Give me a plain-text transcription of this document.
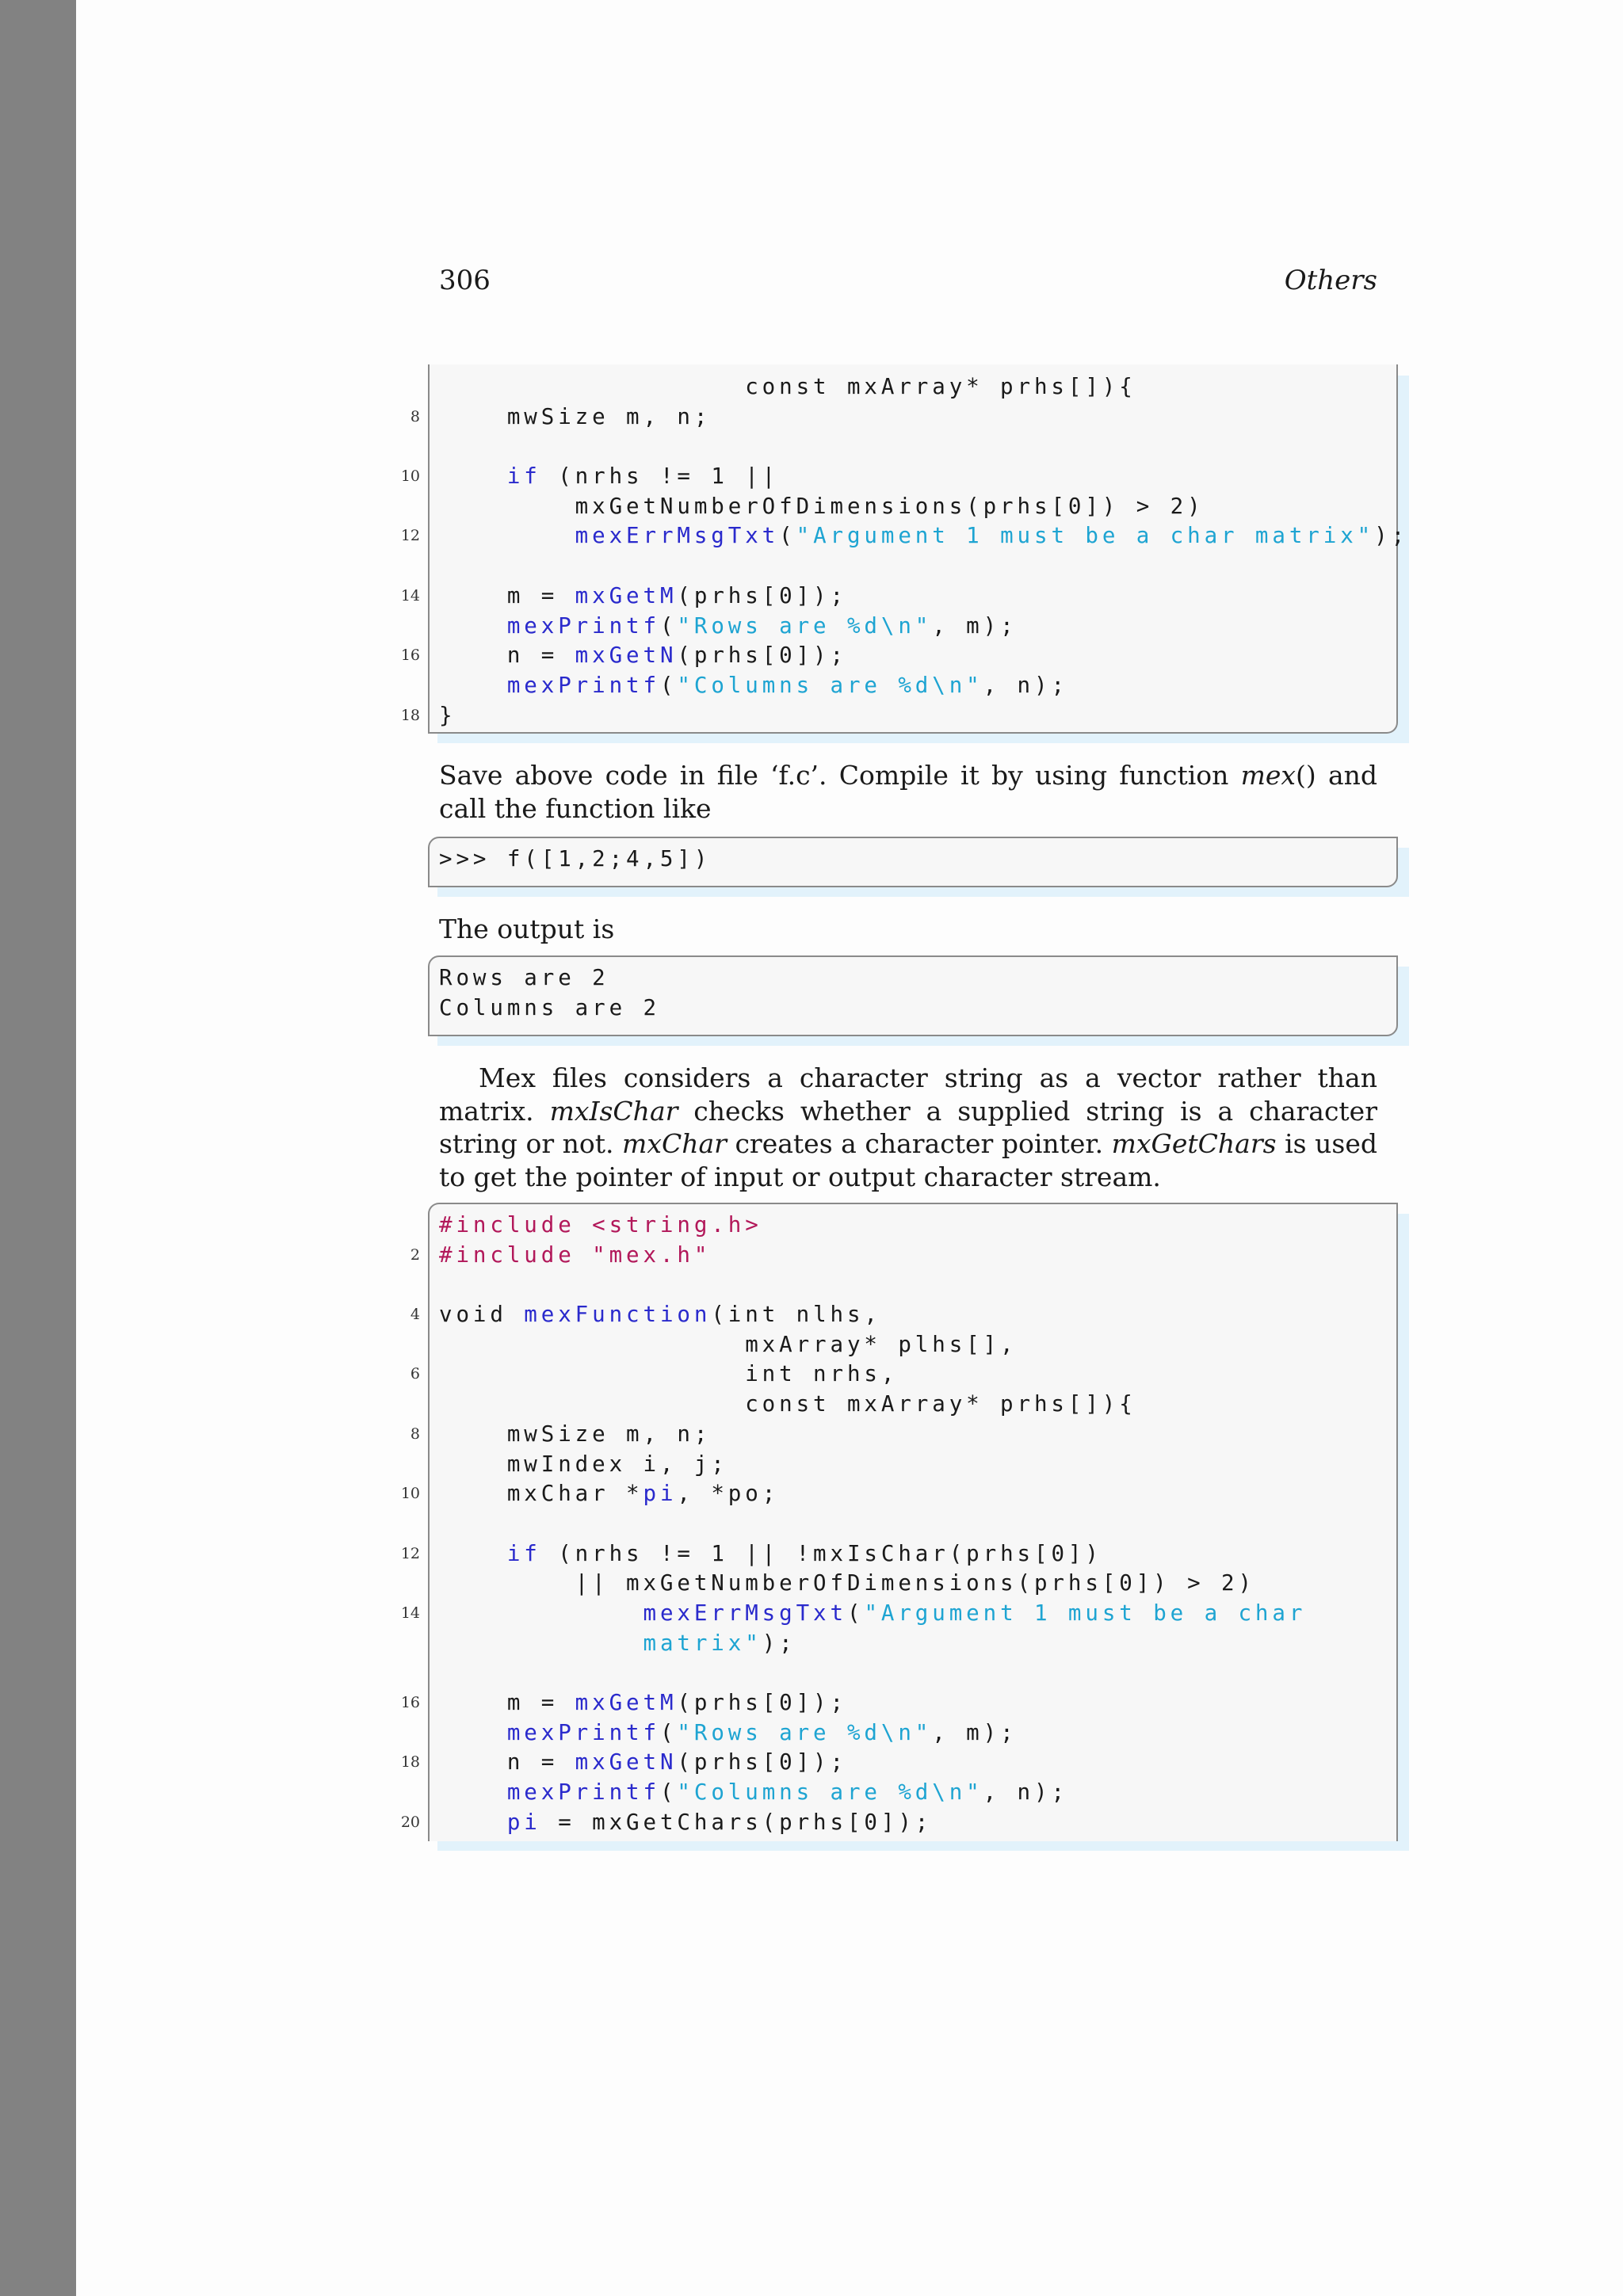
306	Others
const mxArray* prhs[]){
8 mwSize m, n;
10	if (nrhs != 1 ||
mxGetNumberOfDimensions(prhs[0]) > 2)
12	mexErrMsgTxt("Argument 1 must be a char matrix");
14 m = mxGetM(prhs[0]);
mexPrintf("Rows are %d\n", m);
16 n = mxGetN(prhs[0]);
mexPrintf("Columns are %d\n", n);
18 }
Save above code in file ‘f.c’. Compile it by using function mex() and call the function like
>>> f([1,2;4,5])
The output is
Rows are 2
Columns are 2
Mex files considers a character string as a vector rather than matrix. mxIsChar checks whether a supplied string is a character string or not. mxChar creates a character pointer. mxGetChars is used to get the pointer of input or output character stream.
#include <string.h>
2 #include "mex.h"
4 void mexFunction(int nlhs,
mxArray* plhs[],
6 int nrhs,
const mxArray* prhs[]){
8 mwSize m, n;
mwIndex i, j;
10 mxChar *pi, *po;
12	if (nrhs != 1 || !mxIsChar(prhs[0])
|| mxGetNumberOfDimensions(prhs[0]) > 2)
14	mexErrMsgTxt("Argument 1 must be a char
matrix");
16 m = mxGetM(prhs[0]);
mexPrintf("Rows are %d\n", m);
18 n = mxGetN(prhs[0]);
mexPrintf("Columns are %d\n", n);
20	pi = mxGetChars(prhs[0]);
